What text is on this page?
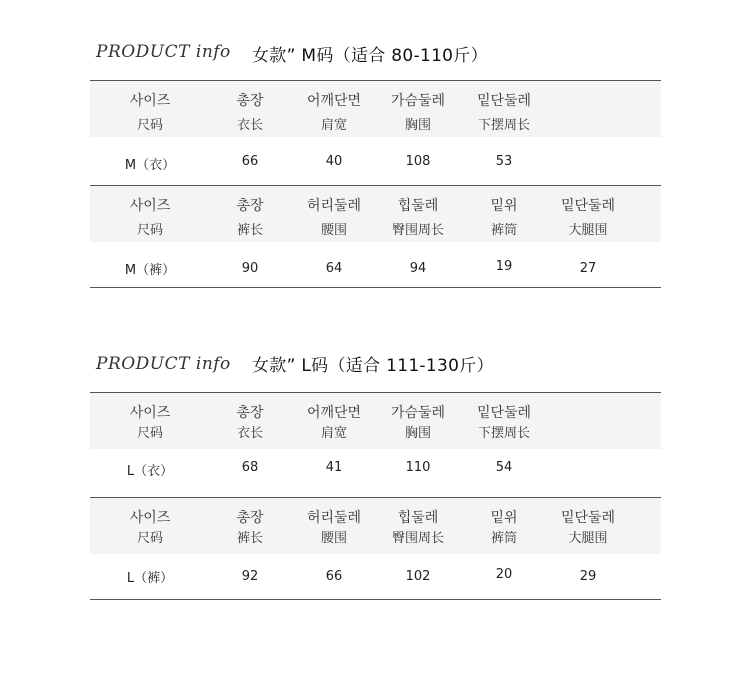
PRODUCT info 女款” M码（适合 80-110斤）
사이즈	총장	어깨단면	가슴둘레	밑단둘레
尺码	衣长	肩宽	胸围	下摆周长
M（衣）	66	40	108	53
사이즈	총장	허리둘레	힙둘레	밑위	밑단둘레
尺码	裤长	腰围	臀围周长	裤筒	大腿围
M（裤）	90	64	94	19	27
PRODUCT info 女款” L码（适合 111-130斤）
사이즈	총장	어깨단면	가슴둘레	밑단둘레
尺码	衣长	肩宽	胸围	下摆周长
L（衣）	68	41	110	54
사이즈	총장	허리둘레	힙둘레	밑위	밑단둘레
尺码	裤长	腰围	臀围周长	裤筒	大腿围
L（裤）	92	66	102	20	29
